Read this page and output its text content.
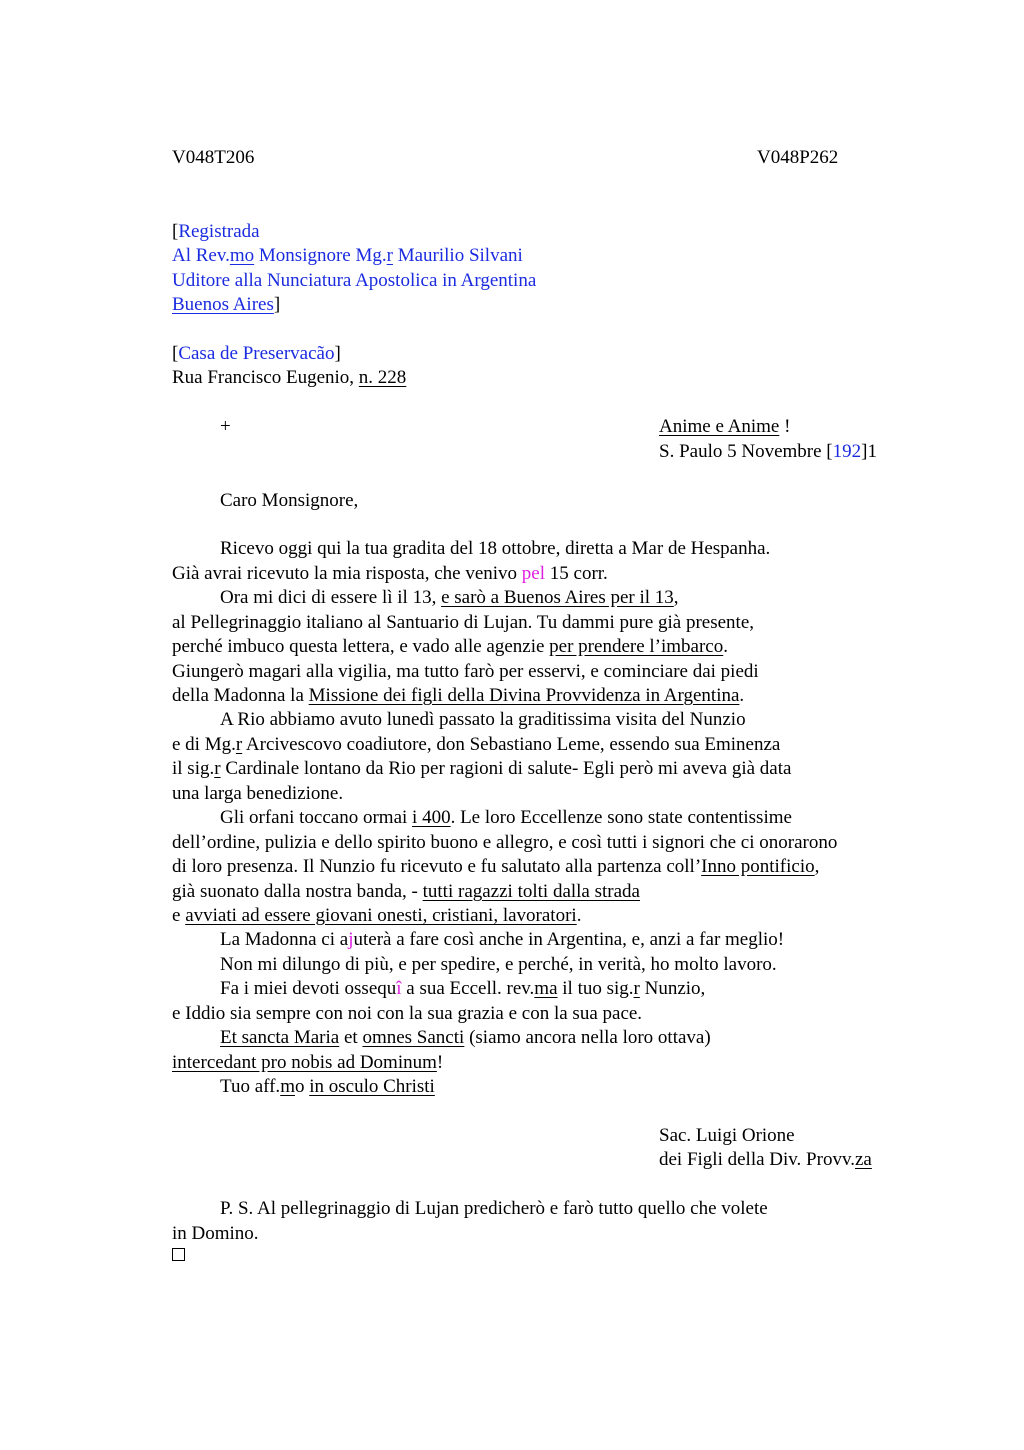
V048T206	V048P262
[Registrada
Al Rev.mo Monsignore Mg.r Maurilio Silvani
Uditore alla Nunciatura Apostolica in Argentina
Buenos Aires]
[Casa de Preservacão]
Rua Francisco Eugenio, n. 228
+	Anime e Anime !
S. Paulo 5 Novembre [192]1
Caro Monsignore,
Ricevo oggi qui la tua gradita del 18 ottobre, diretta a Mar de Hespanha.
Già avrai ricevuto la mia risposta, che venivo pel 15 corr.
Ora mi dici di essere lì il 13, e sarò a Buenos Aires per il 13,
al Pellegrinaggio italiano al Santuario di Lujan. Tu dammi pure già presente,
perché imbuco questa lettera, e vado alle agenzie per prendere l’imbarco.
Giungerò magari alla vigilia, ma tutto farò per esservi, e cominciare dai piedi
della Madonna la Missione dei figli della Divina Provvidenza in Argentina.
A Rio abbiamo avuto lunedì passato la graditissima visita del Nunzio
e di Mg.r Arcivescovo coadiutore, don Sebastiano Leme, essendo sua Eminenza
il sig.r Cardinale lontano da Rio per ragioni di salute- Egli però mi aveva già data
una larga benedizione.
Gli orfani toccano ormai i 400. Le loro Eccellenze sono state contentissime
dell’ordine, pulizia e dello spirito buono e allegro, e così tutti i signori che ci onorarono
di loro presenza. Il Nunzio fu ricevuto e fu salutato alla partenza coll’Inno pontificio,
già suonato dalla nostra banda, - tutti ragazzi tolti dalla strada
e avviati ad essere giovani onesti, cristiani, lavoratori.
La Madonna ci ajuterà a fare così anche in Argentina, e, anzi a far meglio!
Non mi dilungo di più, e per spedire, e perché, in verità, ho molto lavoro.
Fa i miei devoti ossequî a sua Eccell. rev.ma il tuo sig.r Nunzio,
e Iddio sia sempre con noi con la sua grazia e con la sua pace.
Et sancta Maria et omnes Sancti (siamo ancora nella loro ottava)
intercedant pro nobis ad Dominum!
Tuo aff.mo in osculo Christi
Sac. Luigi Orione
dei Figli della Div. Provv.za
P. S. Al pellegrinaggio di Lujan predicherò e farò tutto quello che volete
in Domino.
